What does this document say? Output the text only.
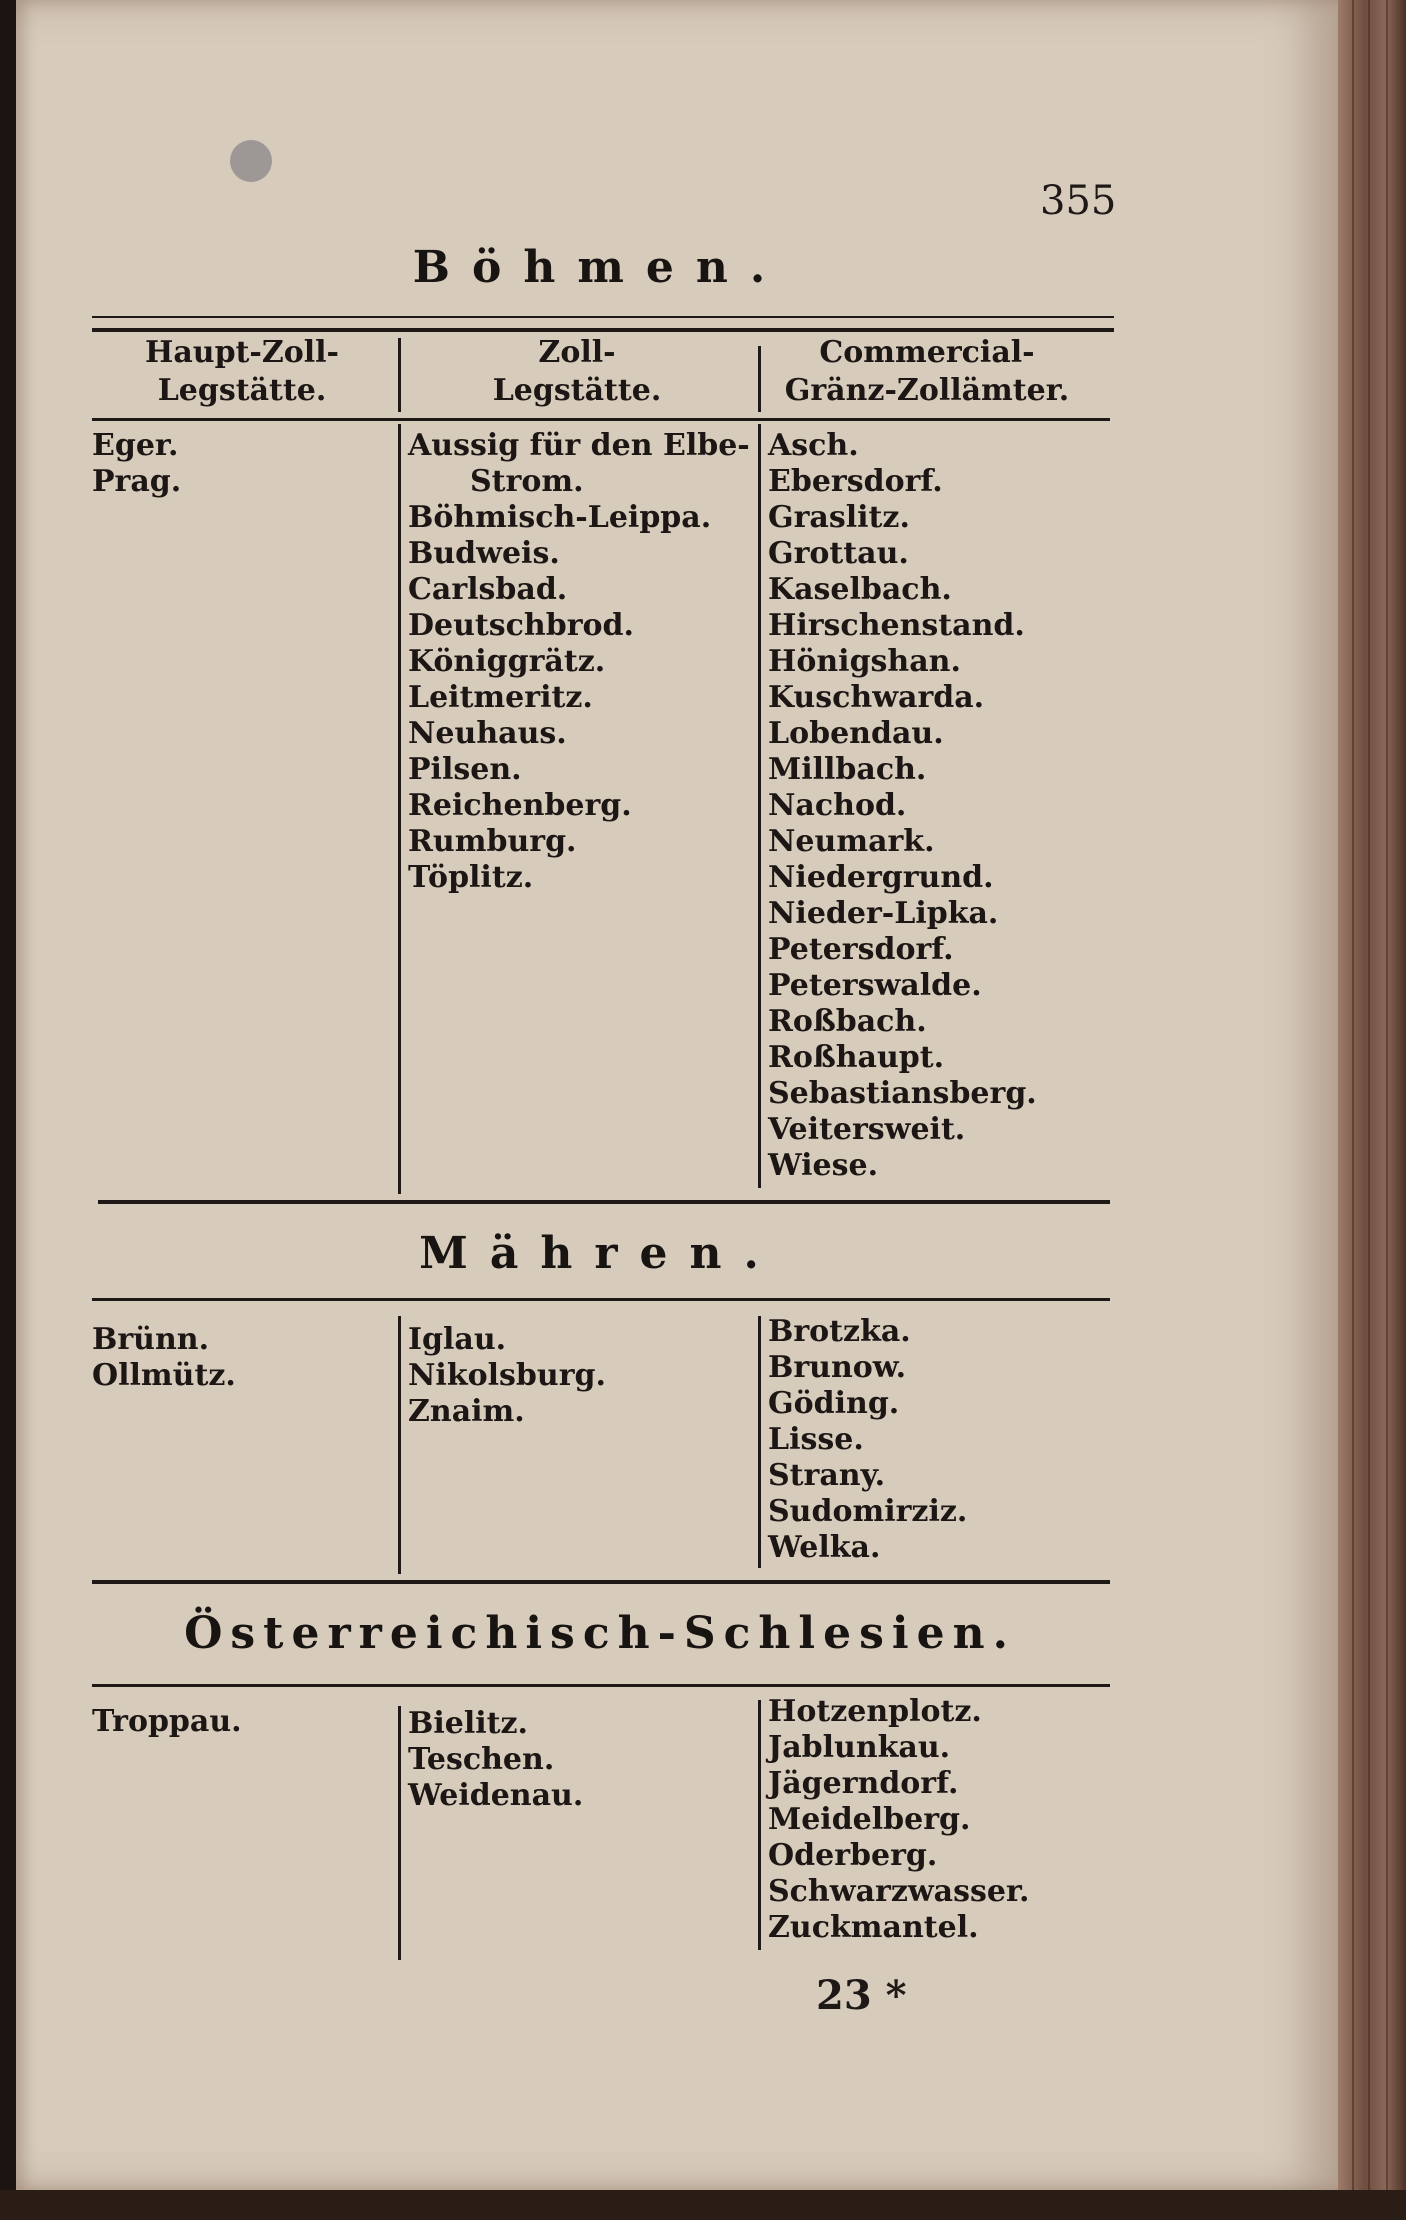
355
Böhmen.
Haupt-Zoll-
Legstätte.
Zoll-
Legstätte.
Commercial-
Gränz-Zollämter.
Eger.
Prag.
Aussig für den Elbe-
Strom.
Böhmisch-Leippa.
Budweis.
Carlsbad.
Deutschbrod.
Königgrätz.
Leitmeritz.
Neuhaus.
Pilsen.
Reichenberg.
Rumburg.
Töplitz.
Asch.
Ebersdorf.
Graslitz.
Grottau.
Kaselbach.
Hirschenstand.
Hönigshan.
Kuschwarda.
Lobendau.
Millbach.
Nachod.
Neumark.
Niedergrund.
Nieder-Lipka.
Petersdorf.
Peterswalde.
Roßbach.
Roßhaupt.
Sebastiansberg.
Veitersweit.
Wiese.
Mähren.
Brünn.
Ollmütz.
Iglau.
Nikolsburg.
Znaim.
Brotzka.
Brunow.
Göding.
Lisse.
Strany.
Sudomirziz.
Welka.
Österreichisch-Schlesien.
Troppau.	Bielitz.
Teschen.
Weidenau.
Hotzenplotz.
Jablunkau.
Jägerndorf.
Meidelberg.
Oderberg.
Schwarzwasser.
Zuckmantel.
23 *
